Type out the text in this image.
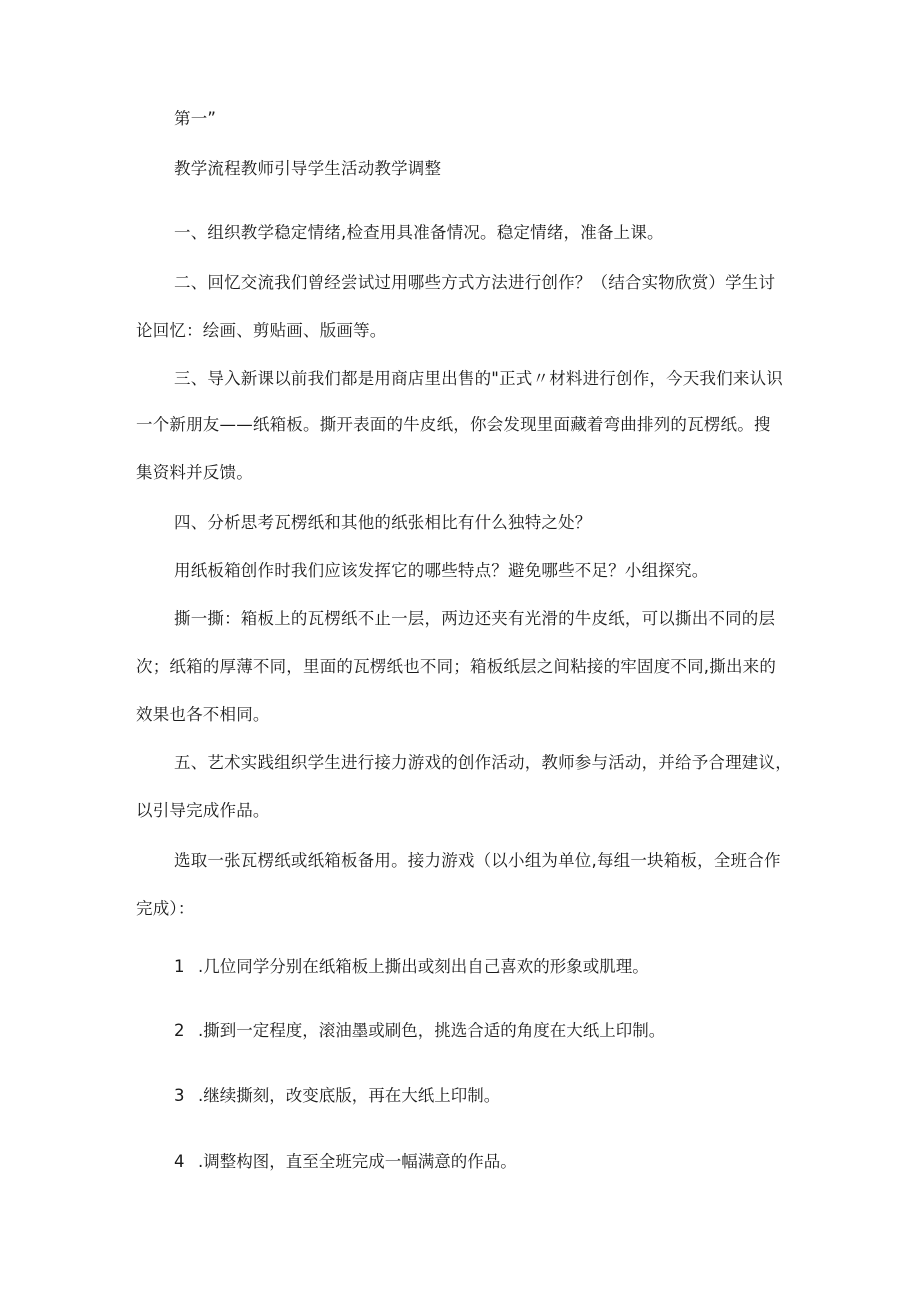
第一”
教学流程教师引导学生活动教学调整
一、组织教学稳定情绪,检查用具准备情况。稳定情绪，准备上课。
二、回忆交流我们曾经尝试过用哪些方式方法进行创作？（结合实物欣赏）学生讨
论回忆：绘画、剪贴画、版画等。
三、导入新课以前我们都是用商店里出售的"正式〃材料进行创作，今天我们来认识
一个新朋友——纸箱板。撕开表面的牛皮纸，你会发现里面藏着弯曲排列的瓦楞纸。搜
集资料并反馈。
四、分析思考瓦楞纸和其他的纸张相比有什么独特之处？
用纸板箱创作时我们应该发挥它的哪些特点？避免哪些不足？小组探究。
撕一撕：箱板上的瓦楞纸不止一层，两边还夹有光滑的牛皮纸，可以撕出不同的层
次；纸箱的厚薄不同，里面的瓦楞纸也不同；箱板纸层之间粘接的牢固度不同,撕出来的
效果也各不相同。
五、艺术实践组织学生进行接力游戏的创作活动，教师参与活动，并给予合理建议，
以引导完成作品。
选取一张瓦楞纸或纸箱板备用。接力游戏（以小组为单位,每组一块箱板，全班合作
完成）：
1 .几位同学分别在纸箱板上撕出或刻出自己喜欢的形象或肌理。
2 .撕到一定程度，滚油墨或刷色，挑选合适的角度在大纸上印制。
3 .继续撕刻，改变底版，再在大纸上印制。
4 .调整构图，直至全班完成一幅满意的作品。
